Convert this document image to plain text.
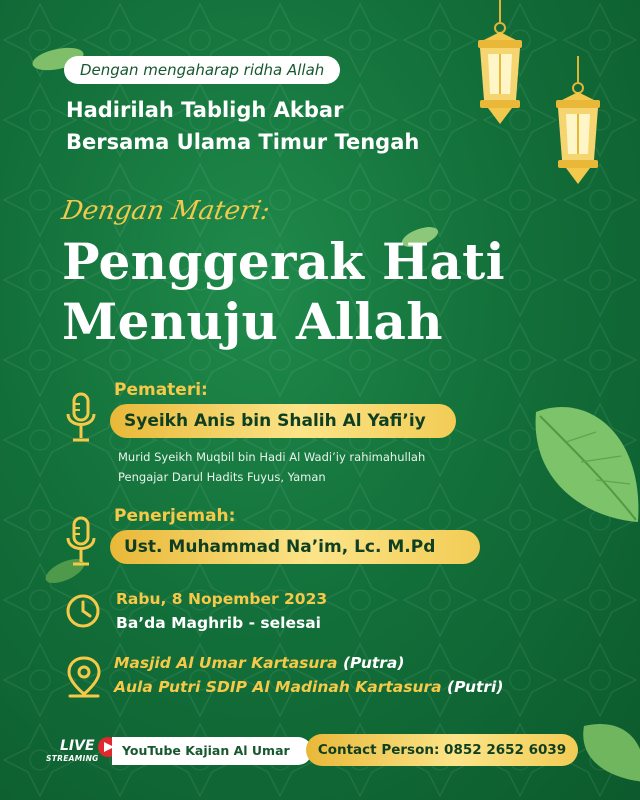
Dengan mengaharap ridha Allah
Hadirilah Tabligh Akbar
Bersama Ulama Timur Tengah
Dengan Materi:
Penggerak Hati
Menuju Allah
Pemateri:
Syeikh Anis bin Shalih Al Yafi’iy
Murid Syeikh Muqbil bin Hadi Al Wadi’iy rahimahullah
Pengajar Darul Hadits Fuyus, Yaman
Penerjemah:
Ust. Muhammad Na’im, Lc. M.Pd
Rabu, 8 Nopember 2023
Ba’da Maghrib - selesai
Masjid Al Umar Kartasura (Putra)
Aula Putri SDIP Al Madinah Kartasura (Putri)
LIVE
STREAMING
YouTube Kajian Al Umar	Contact Person: 0852 2652 6039
